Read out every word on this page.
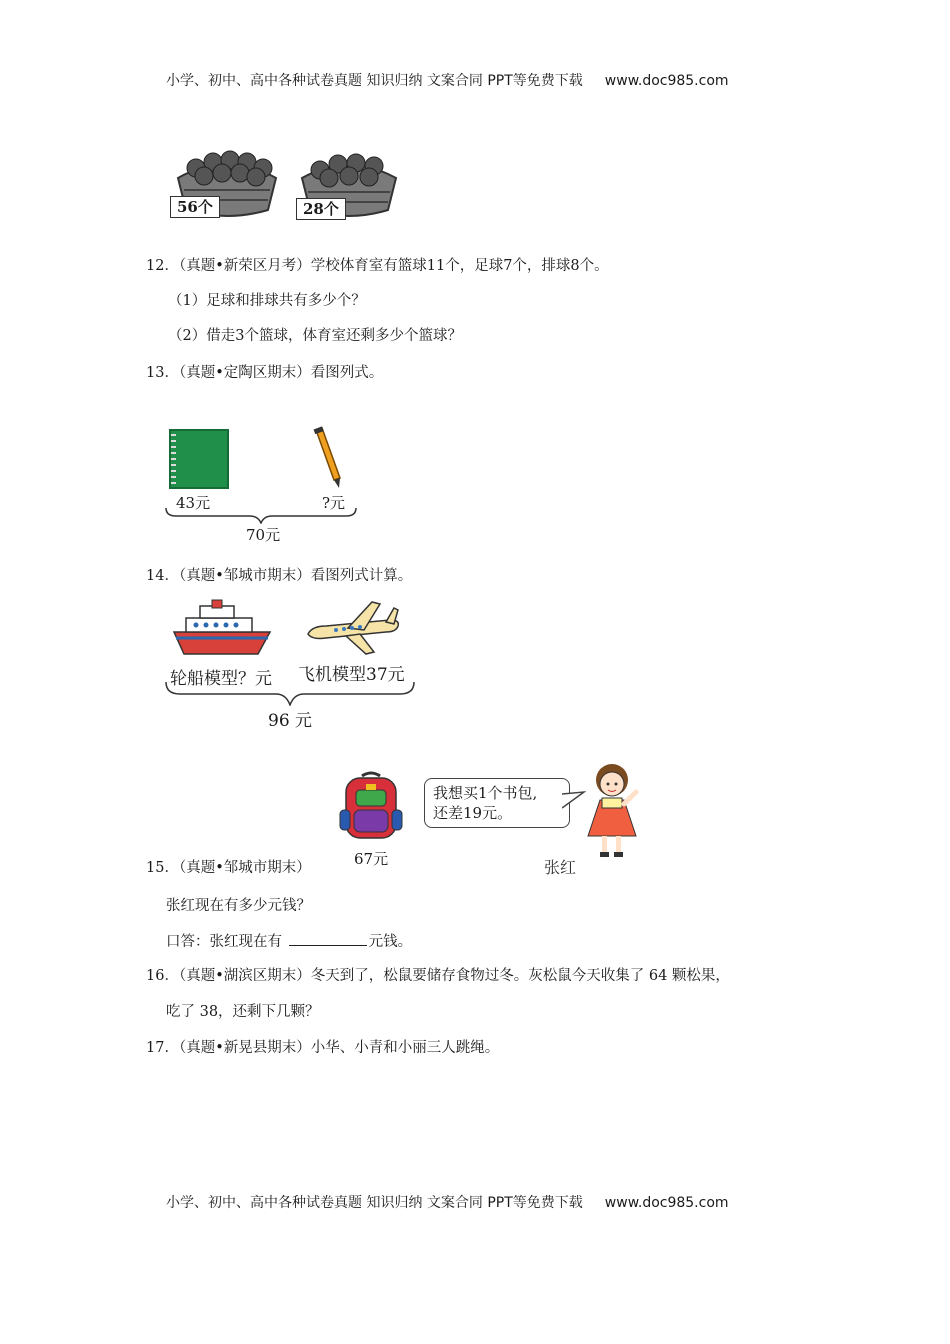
小学、初中、高中各种试卷真题 知识归纳 文案合同 PPT等免费下载 www.doc985.com
56个	28个
12．（真题•新荣区月考）学校体育室有篮球11个，足球7个，排球8个。
（1）足球和排球共有多少个？
（2）借走3个篮球，体育室还剩多少个篮球？
13．（真题•定陶区期末）看图列式。
43元	?元
70元
14．（真题•邹城市期末）看图列式计算。
轮船模型？元 飞机模型37元
96 元
67元
我想买1个书包,
还差19元。
张红
15．（真题•邹城市期末）
张红现在有多少元钱？
口答：张红现在有	元钱。
16．（真题•湖滨区期末）冬天到了，松鼠要储存食物过冬。灰松鼠今天收集了 64 颗松果，
吃了 38，还剩下几颗？
17．（真题•新晃县期末）小华、小青和小丽三人跳绳。
小学、初中、高中各种试卷真题 知识归纳 文案合同 PPT等免费下载 www.doc985.com
